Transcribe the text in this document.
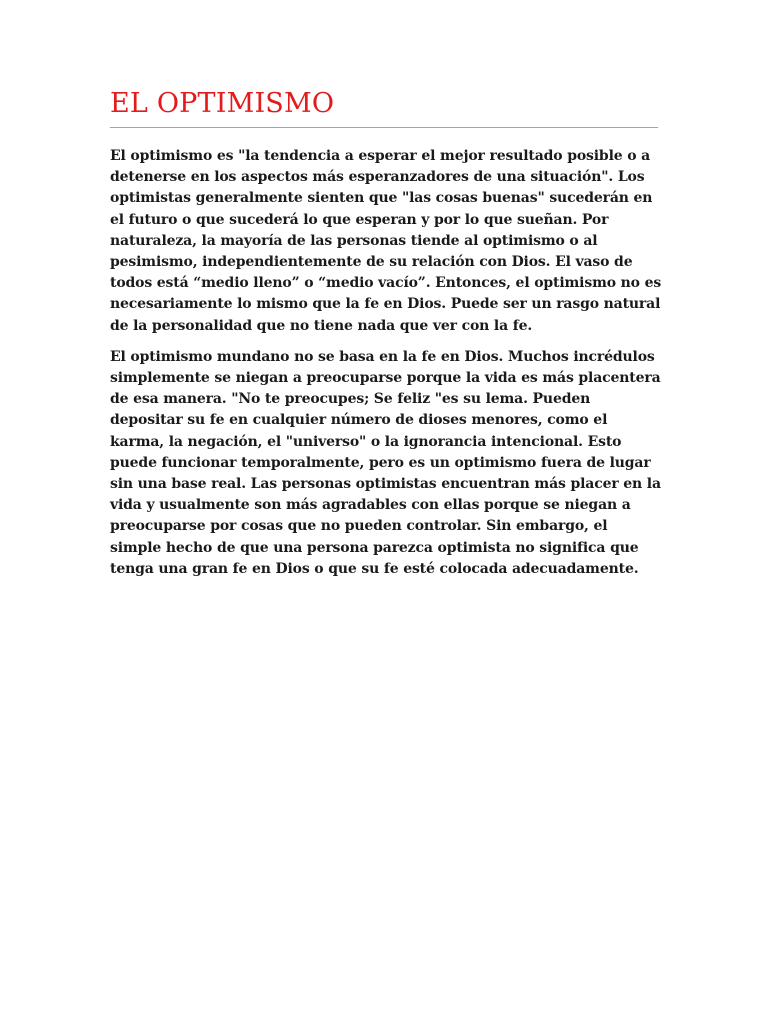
EL OPTIMISMO

El optimismo es "la tendencia a esperar el mejor resultado posible o a detenerse en los aspectos más esperanzadores de una situación". Los optimistas generalmente sienten que "las cosas buenas" sucederán en el futuro o que sucederá lo que esperan y por lo que sueñan. Por naturaleza, la mayoría de las personas tiende al optimismo o al pesimismo, independientemente de su relación con Dios. El vaso de todos está “medio lleno” o “medio vacío”. Entonces, el optimismo no es necesariamente lo mismo que la fe en Dios. Puede ser un rasgo natural de la personalidad que no tiene nada que ver con la fe.

El optimismo mundano no se basa en la fe en Dios. Muchos incrédulos simplemente se niegan a preocuparse porque la vida es más placentera de esa manera. "No te preocupes; Se feliz "es su lema. Pueden depositar su fe en cualquier número de dioses menores, como el karma, la negación, el "universo" o la ignorancia intencional. Esto puede funcionar temporalmente, pero es un optimismo fuera de lugar sin una base real. Las personas optimistas encuentran más placer en la vida y usualmente son más agradables con ellas porque se niegan a preocuparse por cosas que no pueden controlar. Sin embargo, el simple hecho de que una persona parezca optimista no significa que tenga una gran fe en Dios o que su fe esté colocada adecuadamente.
